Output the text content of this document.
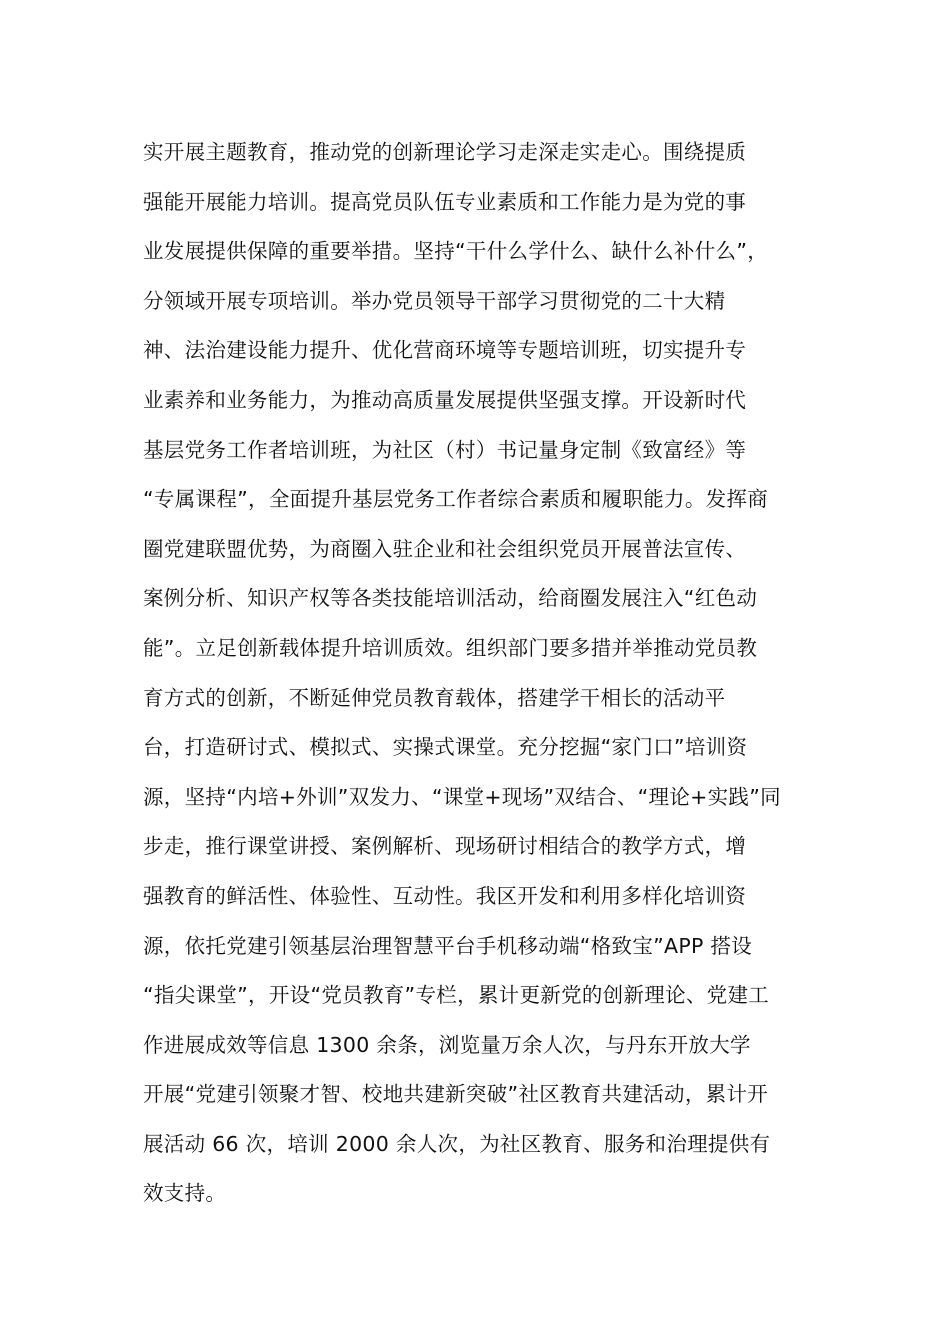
实开展主题教育，推动党的创新理论学习走深走实走心。围绕提质
强能开展能力培训。提高党员队伍专业素质和工作能力是为党的事
业发展提供保障的重要举措。坚持“干什么学什么、缺什么补什么”，
分领域开展专项培训。举办党员领导干部学习贯彻党的二十大精
神、法治建设能力提升、优化营商环境等专题培训班，切实提升专
业素养和业务能力，为推动高质量发展提供坚强支撑。开设新时代
基层党务工作者培训班，为社区（村）书记量身定制《致富经》等
“专属课程”，全面提升基层党务工作者综合素质和履职能力。发挥商
圈党建联盟优势，为商圈入驻企业和社会组织党员开展普法宣传、
案例分析、知识产权等各类技能培训活动，给商圈发展注入“红色动
能”。立足创新载体提升培训质效。组织部门要多措并举推动党员教
育方式的创新，不断延伸党员教育载体，搭建学干相长的活动平
台，打造研讨式、模拟式、实操式课堂。充分挖掘“家门口”培训资
源，坚持“内培+外训”双发力、“课堂+现场”双结合、“理论+实践”同
步走，推行课堂讲授、案例解析、现场研讨相结合的教学方式，增
强教育的鲜活性、体验性、互动性。我区开发和利用多样化培训资
源，依托党建引领基层治理智慧平台手机移动端“格致宝”APP 搭设
“指尖课堂”，开设“党员教育”专栏，累计更新党的创新理论、党建工
作进展成效等信息 1300 余条，浏览量万余人次，与丹东开放大学
开展“党建引领聚才智、校地共建新突破”社区教育共建活动，累计开
展活动 66 次，培训 2000 余人次，为社区教育、服务和治理提供有
效支持。
